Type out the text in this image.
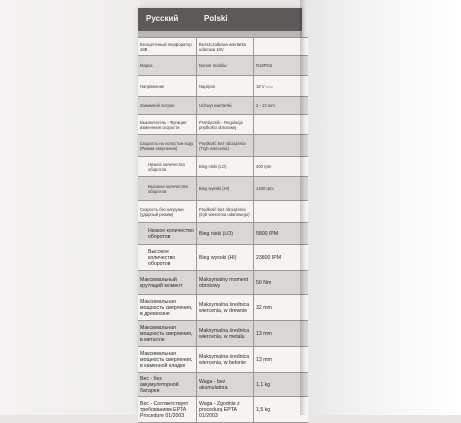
Русский	Polski
Бесщеточный перфоратор 18В	Bezszczotkowa wiertarka udarowa 18V	
Марка	Numer modelu	R18PDS
Напряжение	Napięcie	18 V ===
Зажимной патрон	Uchwyt wiertarski	2 - 13 mm
Выключатель - Функция изменения скорости	Przełącznik - Regulacja prędkości obrotowej	
Скорость на холостом ходу (Режим сверления)	Prędkość bez obciążenia (Tryb wiercenia)	
Низкое количество оборотов	Bieg niski (LO)	400 rpm
Высокое количество оборотов	Bieg wysoki (HI)	1400 rpm
Скорость без нагрузки (ударный режим)	Prędkość bez obciążenia (tryb wiercenia udarowego)	
Низкое количество оборотов	Bieg niski (LO)	5800 IPM
Высокое количество оборотов	Bieg wysoki (HI)	23800 IPM
Максимальный крутящий момент	Maksymalny moment obrotowy	50 Nm
Максимальная мощность сверления, в древесине	Maksymalna średnica wiercenia, w drewnie	32 mm
Максимальная мощность сверления, в металле	Maksymalna średnica wiercenia, w metalu	13 mm
Максимальная мощность сверления, в каменной кладке	Maksymalna średnica wiercenia, w betonie	13 mm
Вес - без аккумуляторной батареи	Waga - bez akumulatora	1,1 kg
Вес - Соответствует требованиям EPTA Procedure 01/2003	Waga - Zgodnie z procedurą EPTA 01/2003	1,5 kg
